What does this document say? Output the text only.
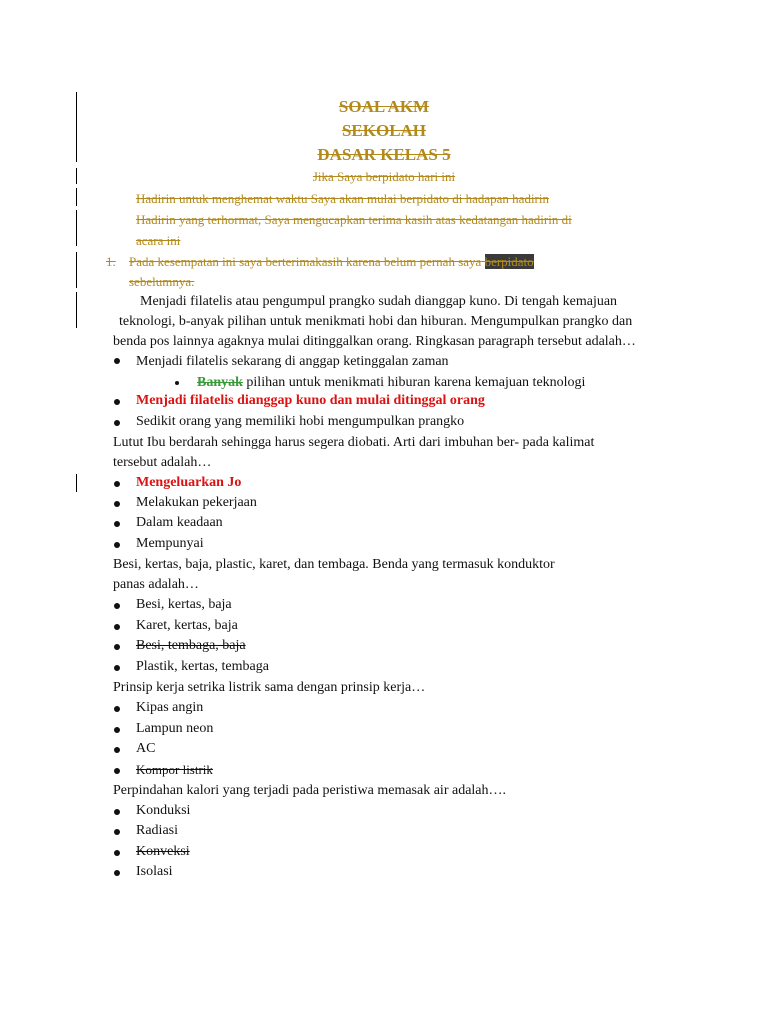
SOAL AKM
SEKOLAH
DASAR KELAS 5
Jika Saya berpidato hari ini
Hadirin untuk menghemat waktu Saya akan mulai berpidato di hadapan hadirin
Hadirin yang terhormat, Saya mengucapkan terima kasih atas kedatangan hadirin di
acara ini
1. Pada kesempatan ini saya berterimakasih karena belum pernah saya berpidato
sebelumnya.
Menjadi filatelis atau pengumpul prangko sudah dianggap kuno. Di tengah kemajuan
teknologi, b-anyak pilihan untuk menikmati hobi dan hiburan. Mengumpulkan prangko dan
benda pos lainnya agaknya mulai ditinggalkan orang. Ringkasan paragraph tersebut adalah…
Menjadi filatelis sekarang di anggap ketinggalan zaman
Banyak pilihan untuk menikmati hiburan karena kemajuan teknologi
Menjadi filatelis dianggap kuno dan mulai ditinggal orang
Sedikit orang yang memiliki hobi mengumpulkan prangko
Lutut Ibu berdarah sehingga harus segera diobati. Arti dari imbuhan ber- pada kalimat
tersebut adalah…
Mengeluarkan Jo
Melakukan pekerjaan
Dalam keadaan
Mempunyai
Besi, kertas, baja, plastic, karet, dan tembaga. Benda yang termasuk konduktor
panas adalah…
Besi, kertas, baja
Karet, kertas, baja
Besi, tembaga, baja
Plastik, kertas, tembaga
Prinsip kerja setrika listrik sama dengan prinsip kerja…
Kipas angin
Lampun neon
AC
Kompor listrik
Perpindahan kalori yang terjadi pada peristiwa memasak air adalah….
Konduksi
Radiasi
Konveksi
Isolasi
